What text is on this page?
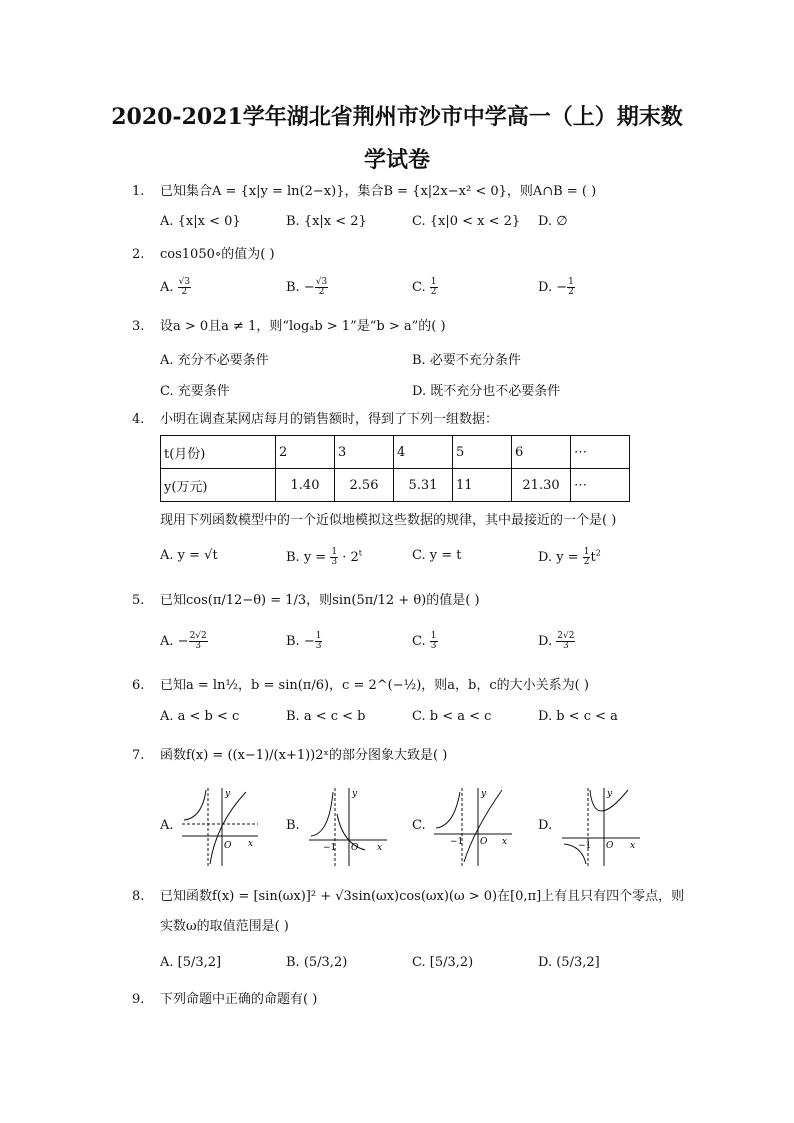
2020-2021学年湖北省荆州市沙市中学高一（上）期末数
学试卷
1. 已知集合A = {x|y = ln(2−x)}，集合B = {x|2x−x² < 0}，则A∩B = ( )
A. {x|x < 0}	B. {x|x < 2}	C. {x|0 < x < 2} D. ∅
2. cos1050∘的值为( )
A. $\frac{√3}{2}$	B. − $\frac{√3}{2}$	C. $\frac{1}{2}$	D. − $\frac{1}{2}$
3. 设a > 0且a ≠ 1，则“logₐb > 1”是“b > a”的( )
A. 充分不必要条件	B. 必要不充分条件
C. 充要条件	D. 既不充分也不必要条件
4. 小明在调查某网店每月的销售额时，得到了下列一组数据：
t(月份)	2	3	4	5	6	⋯
y(万元)	1.40	2.56	5.31	11	21.30	⋯
现用下列函数模型中的一个近似地模拟这些数据的规律，其中最接近的一个是( )
A. y = √t	B. $y = \frac{1}{3} \cdot 2^t$	C. y = t	D. $y = \frac{1}{2} t^2$
5. 已知cos(π/12−θ) = 1/3，则sin(5π/12 + θ)的值是( )
A. − $\frac{2√2}{3}$	B. − $\frac{1}{3}$	C. $\frac{1}{3}$	D. $\frac{2√2}{3}$
6. 已知a = ln½，b = sin(π/6)，c = 2^(−½)，则a，b，c的大小关系为( )
A. a < b < c	B. a < c < b	C. b < a < c	D. b < c < a
7. 函数f(x) = ((x−1)/(x+1))2ˣ的部分图象大致是( )
A.	B.	C.	D.
O x
y
−1 O x
y
−1 O x
y
−1 O x
y
8. 已知函数f(x) = [sin(ωx)]² + √3sin(ωx)cos(ωx)(ω > 0)在[0,π]上有且只有四个零点，则
实数ω的取值范围是( )
A. [5/3,2]	B. (5/3,2)	C. [5/3,2)	D. (5/3,2]
9. 下列命题中正确的命题有( )
